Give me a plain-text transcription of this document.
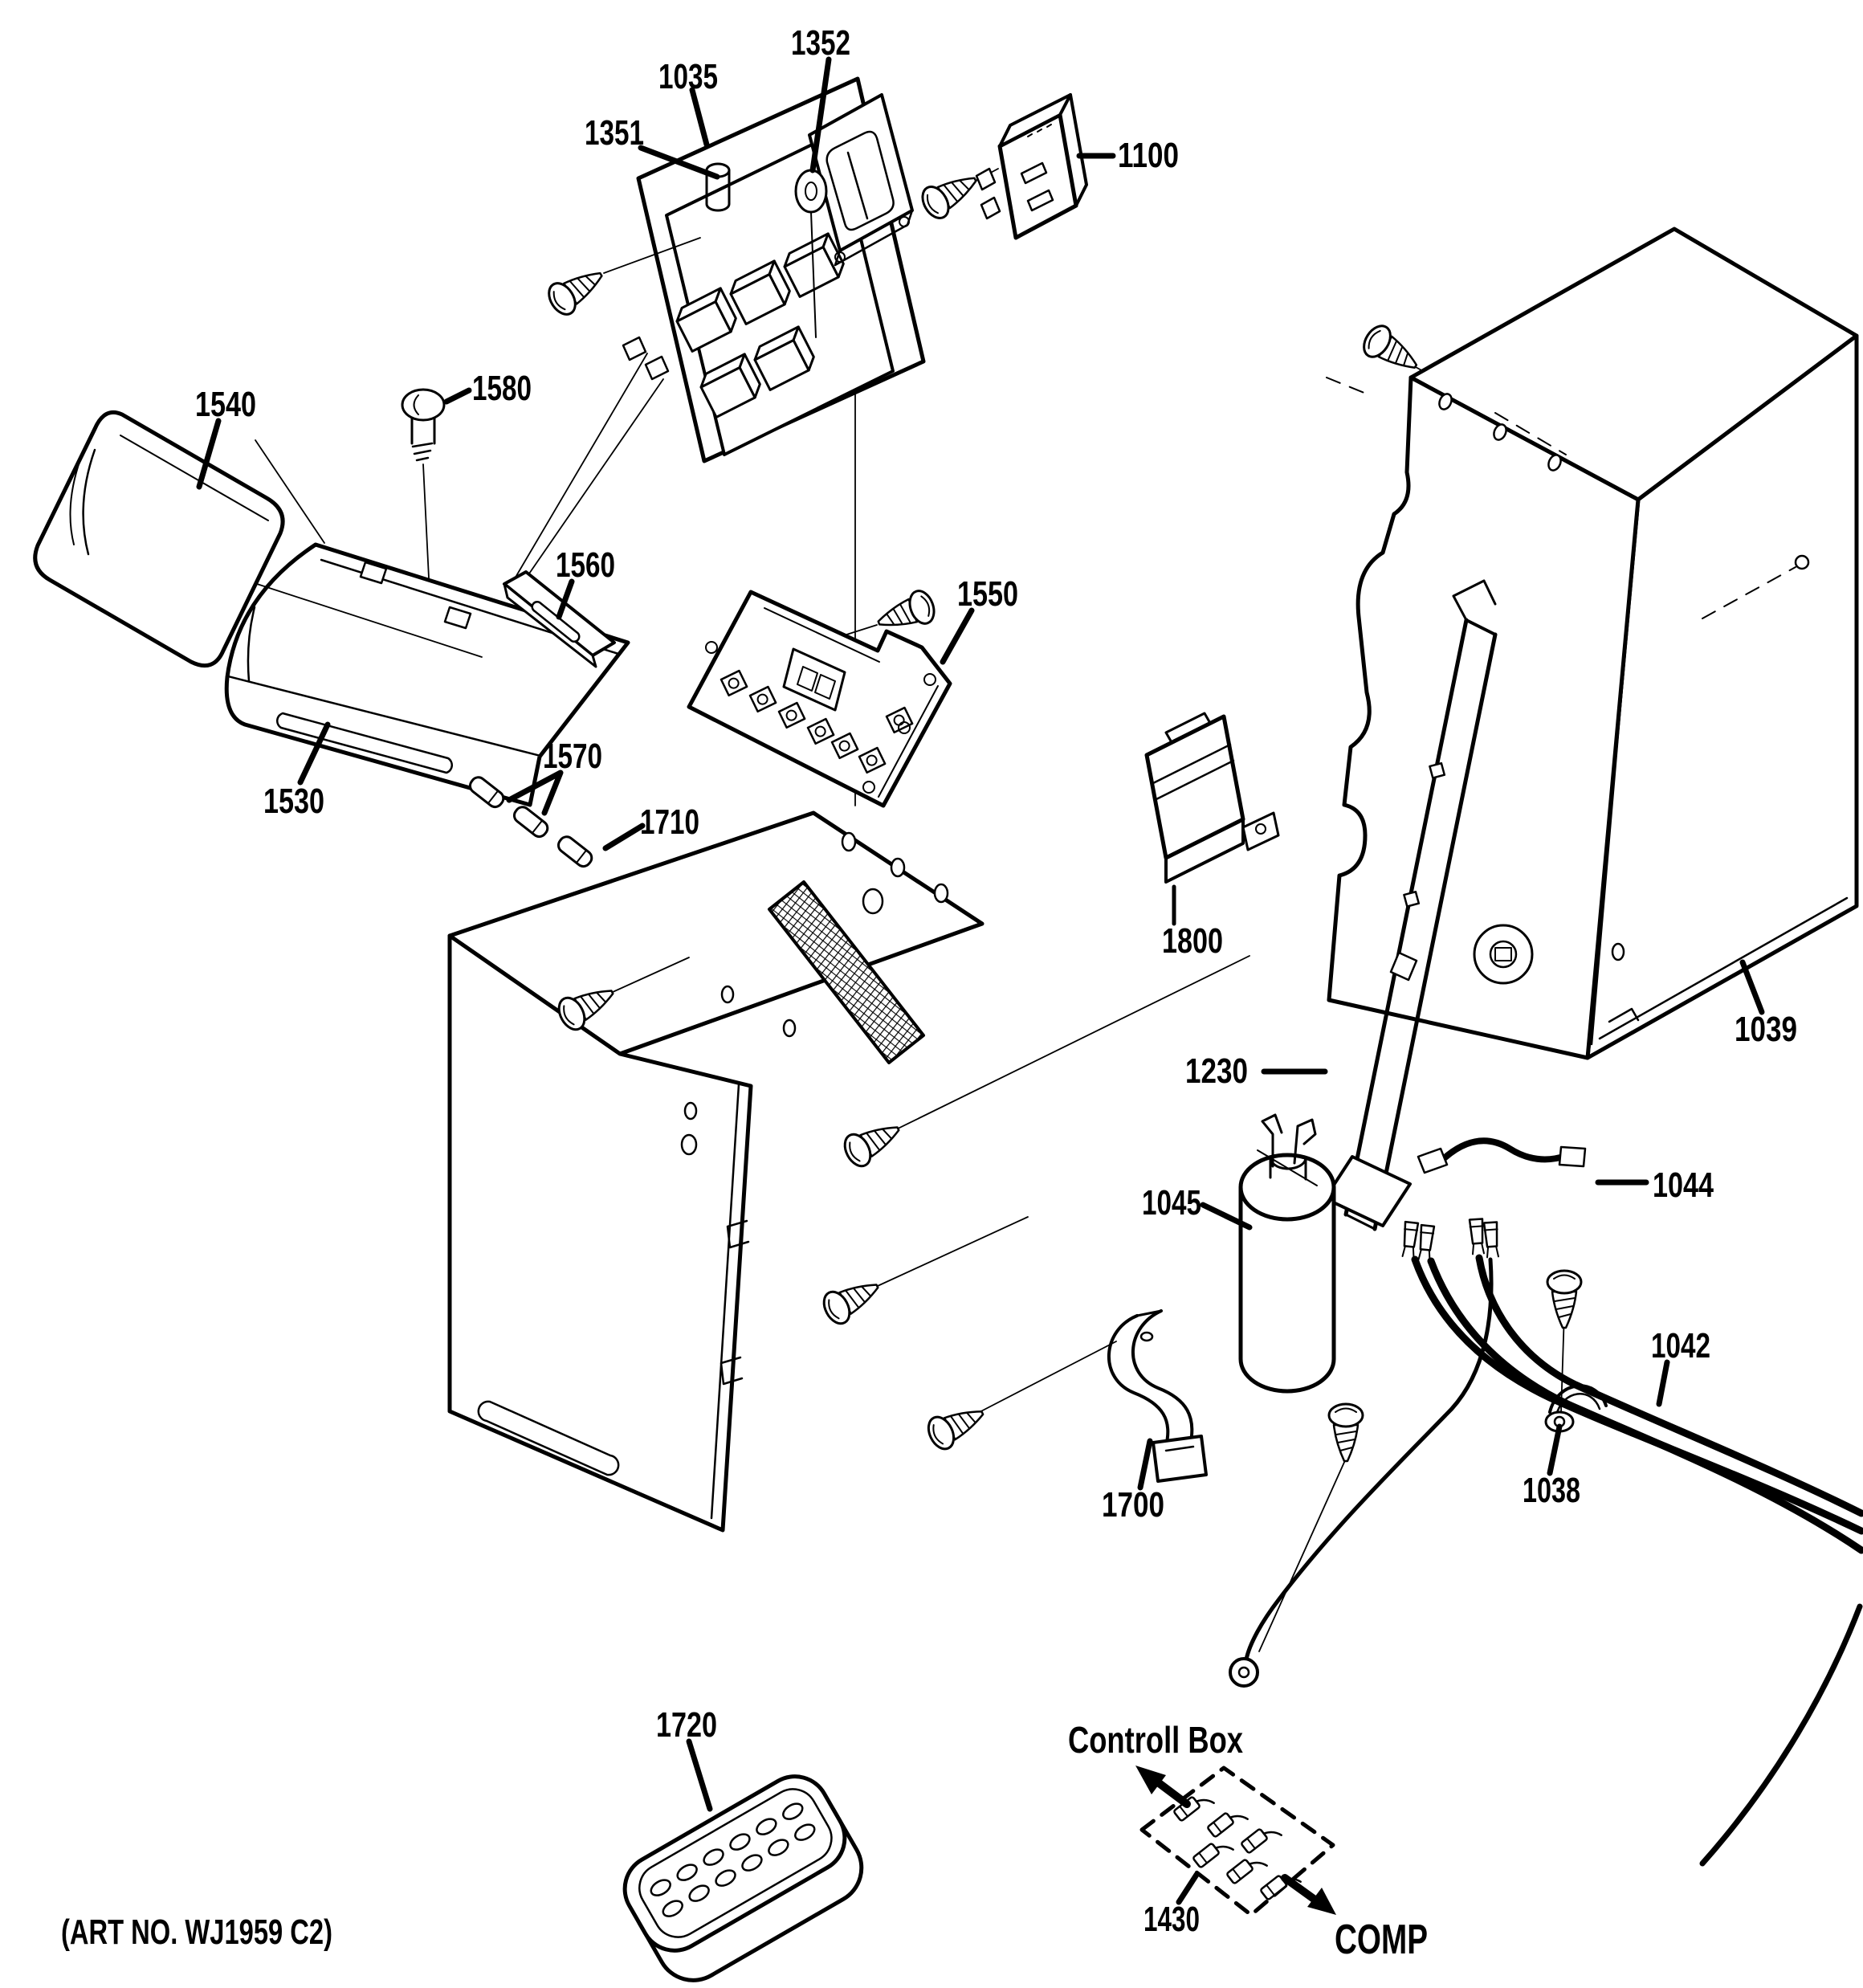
1035
1352
1351
1100
1540	1580
1560
1550
1530
1570
1710
1800
1230
1039
1045	1044
1042
1038
1700
1720
1430
Controll Box
COMP
(ART NO. WJ1959 C2)
